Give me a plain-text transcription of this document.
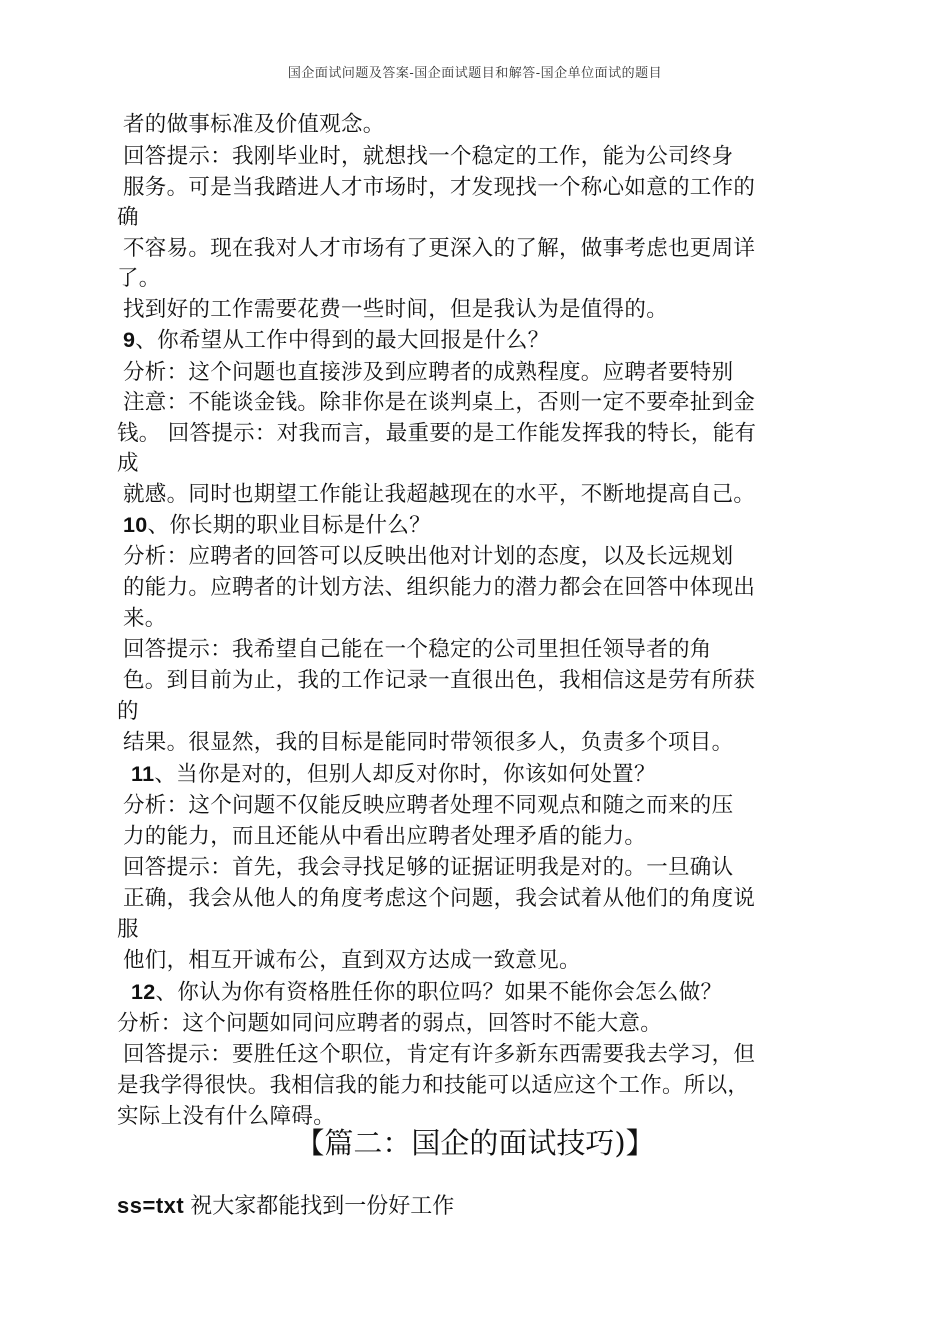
国企面试问题及答案-国企面试题目和解答-国企单位面试的题目
者的做事标准及价值观念。
回答提示：我刚毕业时，就想找一个稳定的工作，能为公司终身
服务。可是当我踏进人才市场时，才发现找一个称心如意的工作的
确
不容易。现在我对人才市场有了更深入的了解，做事考虑也更周详
了。
找到好的工作需要花费一些时间，但是我认为是值得的。
9、你希望从工作中得到的最大回报是什么？
分析：这个问题也直接涉及到应聘者的成熟程度。应聘者要特别
注意：不能谈金钱。除非你是在谈判桌上，否则一定不要牵扯到金
钱。 回答提示：对我而言，最重要的是工作能发挥我的特长，能有
成
就感。同时也期望工作能让我超越现在的水平，不断地提高自己。
10、你长期的职业目标是什么？
分析：应聘者的回答可以反映出他对计划的态度，以及长远规划
的能力。应聘者的计划方法、组织能力的潜力都会在回答中体现出
来。
回答提示：我希望自己能在一个稳定的公司里担任领导者的角
色。到目前为止，我的工作记录一直很出色，我相信这是劳有所获
的
结果。很显然，我的目标是能同时带领很多人，负责多个项目。
11、当你是对的，但别人却反对你时，你该如何处置？
分析：这个问题不仅能反映应聘者处理不同观点和随之而来的压
力的能力，而且还能从中看出应聘者处理矛盾的能力。
回答提示：首先，我会寻找足够的证据证明我是对的。一旦确认
正确，我会从他人的角度考虑这个问题，我会试着从他们的角度说
服
他们，相互开诚布公，直到双方达成一致意见。
12、你认为你有资格胜任你的职位吗？如果不能你会怎么做？
分析：这个问题如同问应聘者的弱点，回答时不能大意。
回答提示：要胜任这个职位，肯定有许多新东西需要我去学习，但
是我学得很快。我相信我的能力和技能可以适应这个工作。所以，
实际上没有什么障碍。
【篇二：国企的面试技巧)】
ss=txt 祝大家都能找到一份好工作
